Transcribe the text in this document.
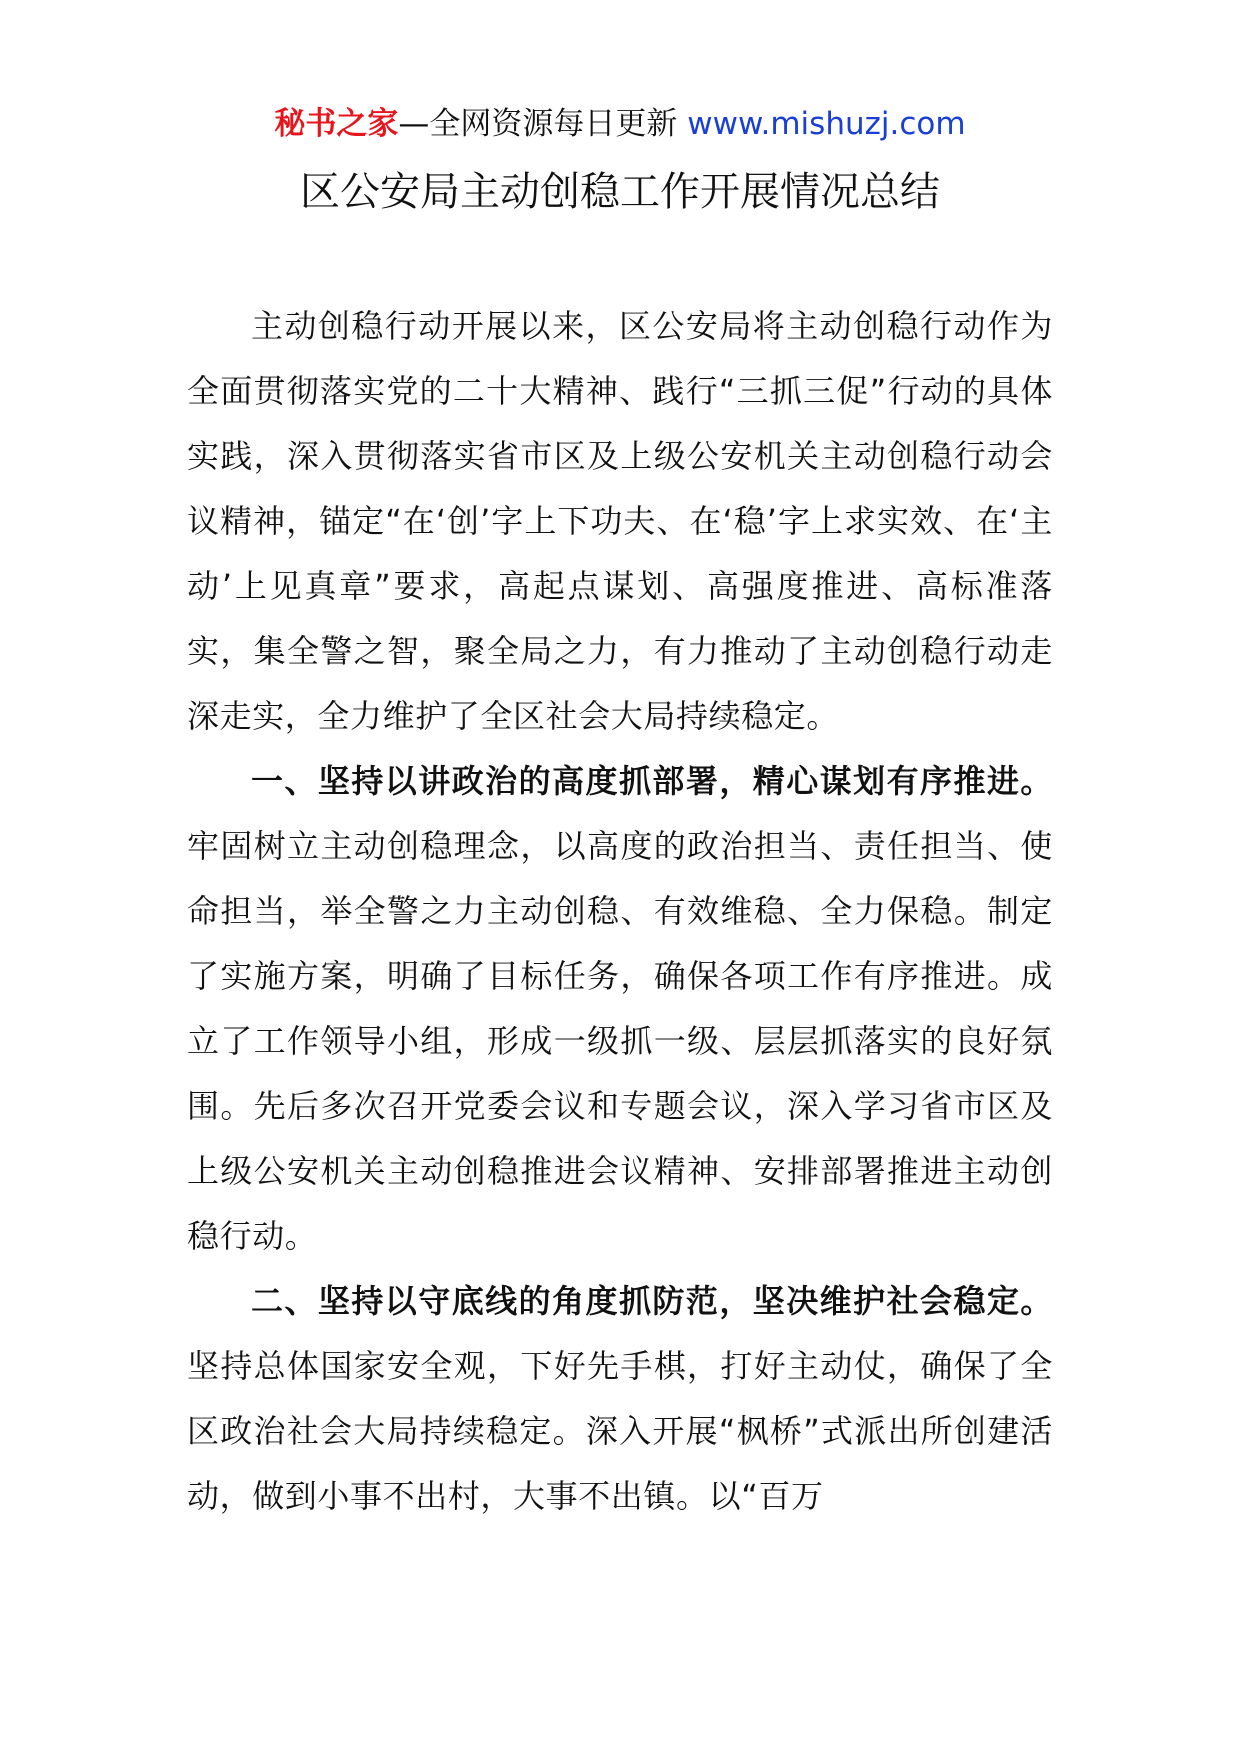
秘书之家—全网资源每日更新 www.mishuzj.com
区公安局主动创稳工作开展情况总结

主动创稳行动开展以来，区公安局将主动创稳行动作为全面贯彻落实党的二十大精神、践行“三抓三促”行动的具体实践，深入贯彻落实省市区及上级公安机关主动创稳行动会议精神，锚定“在‘创’字上下功夫、在‘稳’字上求实效、在‘主动’上见真章”要求，高起点谋划、高强度推进、高标准落实，集全警之智，聚全局之力，有力推动了主动创稳行动走深走实，全力维护了全区社会大局持续稳定。

一、坚持以讲政治的高度抓部署，精心谋划有序推进。牢固树立主动创稳理念，以高度的政治担当、责任担当、使命担当，举全警之力主动创稳、有效维稳、全力保稳。制定了实施方案，明确了目标任务，确保各项工作有序推进。成立了工作领导小组，形成一级抓一级、层层抓落实的良好氛围。先后多次召开党委会议和专题会议，深入学习省市区及上级公安机关主动创稳推进会议精神、安排部署推进主动创稳行动。

二、坚持以守底线的角度抓防范，坚决维护社会稳定。坚持总体国家安全观，下好先手棋，打好主动仗，确保了全区政治社会大局持续稳定。深入开展“枫桥”式派出所创建活动，做到小事不出村，大事不出镇。以“百万
